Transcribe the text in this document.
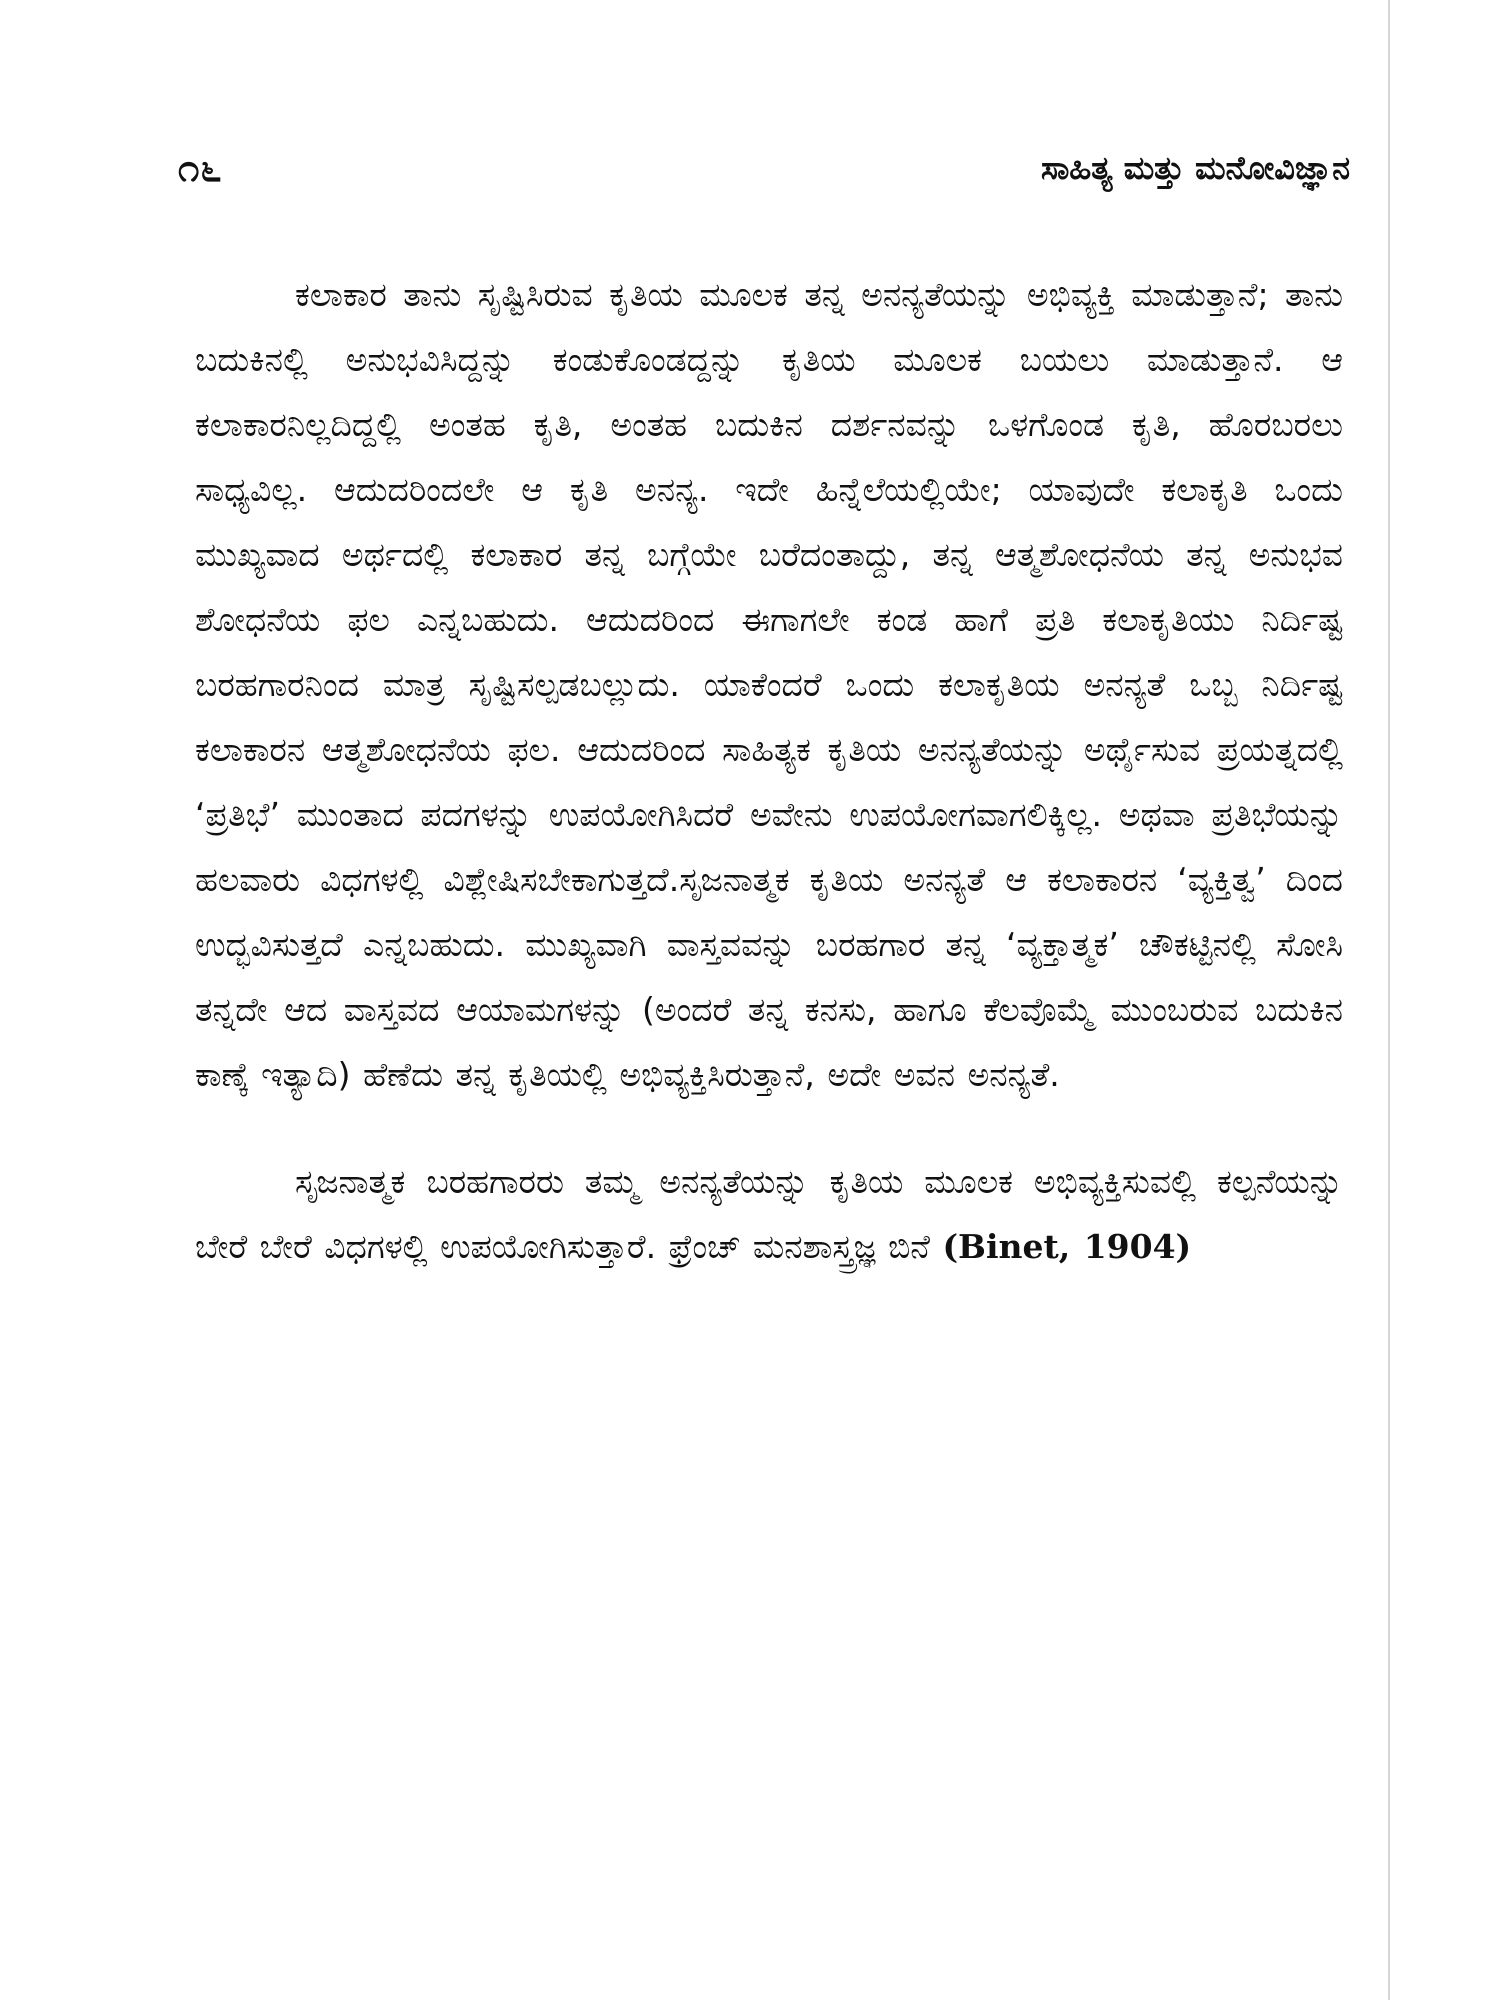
೧೬	ಸಾಹಿತ್ಯ ಮತ್ತು ಮನೋವಿಜ್ಞಾನ

ಕಲಾಕಾರ ತಾನು ಸೃಷ್ಟಿಸಿರುವ ಕೃತಿಯ ಮೂಲಕ ತನ್ನ ಅನನ್ಯತೆಯನ್ನು ಅಭಿವ್ಯಕ್ತಿ ಮಾಡುತ್ತಾನೆ; ತಾನು ಬದುಕಿನಲ್ಲಿ ಅನುಭವಿಸಿದ್ದನ್ನು ಕಂಡುಕೊಂಡದ್ದನ್ನು ಕೃತಿಯ ಮೂಲಕ ಬಯಲು ಮಾಡುತ್ತಾನೆ. ಆ ಕಲಾಕಾರನಿಲ್ಲದಿದ್ದಲ್ಲಿ ಅಂತಹ ಕೃತಿ, ಅಂತಹ ಬದುಕಿನ ದರ್ಶನವನ್ನು ಒಳಗೊಂಡ ಕೃತಿ, ಹೊರಬರಲು ಸಾಧ್ಯವಿಲ್ಲ. ಆದುದರಿಂದಲೇ ಆ ಕೃತಿ ಅನನ್ಯ. ಇದೇ ಹಿನ್ನೆಲೆಯಲ್ಲಿಯೇ; ಯಾವುದೇ ಕಲಾಕೃತಿ ಒಂದು ಮುಖ್ಯವಾದ ಅರ್ಥದಲ್ಲಿ ಕಲಾಕಾರ ತನ್ನ ಬಗ್ಗೆಯೇ ಬರೆದಂತಾದ್ದು, ತನ್ನ ಆತ್ಮಶೋಧನೆಯ ತನ್ನ ಅನುಭವ ಶೋಧನೆಯ ಫಲ ಎನ್ನಬಹುದು. ಆದುದರಿಂದ ಈಗಾಗಲೇ ಕಂಡ ಹಾಗೆ ಪ್ರತಿ ಕಲಾಕೃತಿಯು ನಿರ್ದಿಷ್ಟ ಬರಹಗಾರನಿಂದ ಮಾತ್ರ ಸೃಷ್ಟಿಸಲ್ಪಡಬಲ್ಲುದು. ಯಾಕೆಂದರೆ ಒಂದು ಕಲಾಕೃತಿಯ ಅನನ್ಯತೆ ಒಬ್ಬ ನಿರ್ದಿಷ್ಟ ಕಲಾಕಾರನ ಆತ್ಮಶೋಧನೆಯ ಫಲ. ಆದುದರಿಂದ ಸಾಹಿತ್ಯಕ ಕೃತಿಯ ಅನನ್ಯತೆಯನ್ನು ಅರ್ಥೈಸುವ ಪ್ರಯತ್ನದಲ್ಲಿ ‘ಪ್ರತಿಭೆ’ ಮುಂತಾದ ಪದಗಳನ್ನು ಉಪಯೋಗಿಸಿದರೆ ಅವೇನು ಉಪಯೋಗವಾಗಲಿಕ್ಕಿಲ್ಲ. ಅಥವಾ ಪ್ರತಿಭೆಯನ್ನು ಹಲವಾರು ವಿಧಗಳಲ್ಲಿ ವಿಶ್ಲೇಷಿಸಬೇಕಾಗುತ್ತದೆ.ಸೃಜನಾತ್ಮಕ ಕೃತಿಯ ಅನನ್ಯತೆ ಆ ಕಲಾಕಾರನ ‘ವ್ಯಕ್ತಿತ್ವ’ ದಿಂದ ಉದ್ಭವಿಸುತ್ತದೆ ಎನ್ನಬಹುದು. ಮುಖ್ಯವಾಗಿ ವಾಸ್ತವವನ್ನು ಬರಹಗಾರ ತನ್ನ ‘ವ್ಯಕ್ತಾತ್ಮಕ’ ಚೌಕಟ್ಟಿನಲ್ಲಿ ಸೋಸಿ ತನ್ನದೇ ಆದ ವಾಸ್ತವದ ಆಯಾಮಗಳನ್ನು (ಅಂದರೆ ತನ್ನ ಕನಸು, ಹಾಗೂ ಕೆಲವೊಮ್ಮೆ ಮುಂಬರುವ ಬದುಕಿನ ಕಾಣ್ಕೆ ಇತ್ಯಾದಿ) ಹೆಣೆದು ತನ್ನ ಕೃತಿಯಲ್ಲಿ ಅಭಿವ್ಯಕ್ತಿಸಿರುತ್ತಾನೆ, ಅದೇ ಅವನ ಅನನ್ಯತೆ.

ಸೃಜನಾತ್ಮಕ ಬರಹಗಾರರು ತಮ್ಮ ಅನನ್ಯತೆಯನ್ನು ಕೃತಿಯ ಮೂಲಕ ಅಭಿವ್ಯಕ್ತಿಸುವಲ್ಲಿ ಕಲ್ಪನೆಯನ್ನು ಬೇರೆ ಬೇರೆ ವಿಧಗಳಲ್ಲಿ ಉಪಯೋಗಿಸುತ್ತಾರೆ. ಫ್ರೆಂಚ್ ಮನಶಾಸ್ತ್ರಜ್ಞ ಬಿನೆ (Binet, 1904)
